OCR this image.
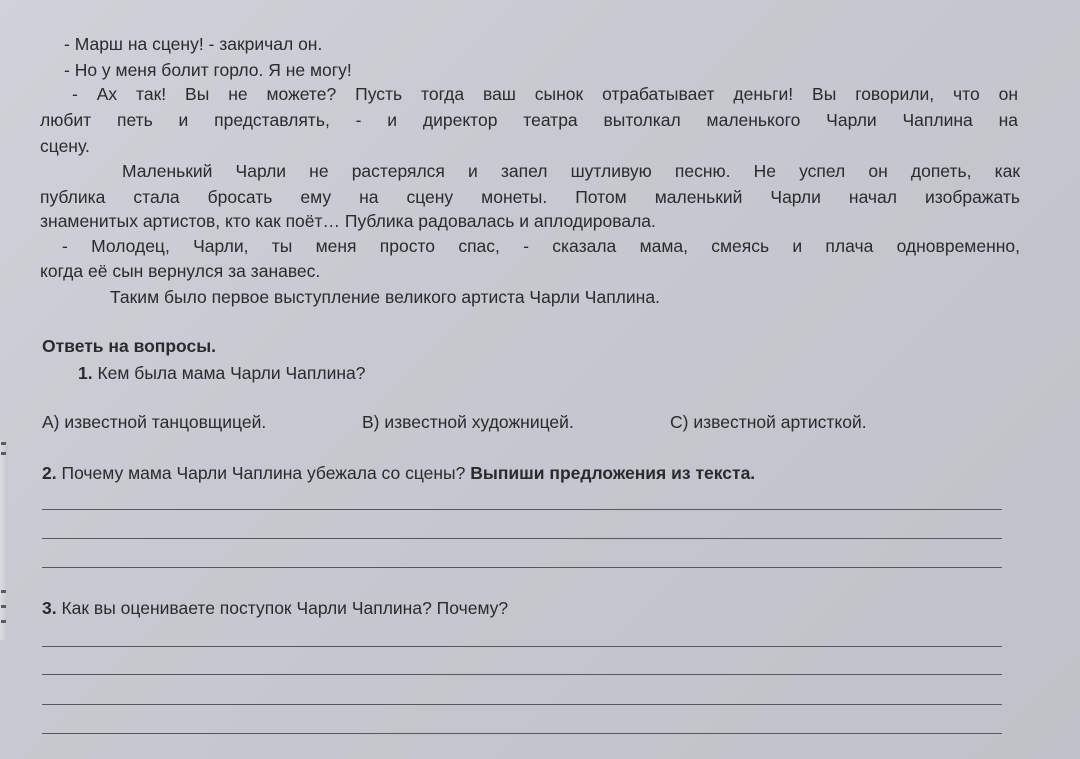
- Марш на сцену! - закричал он.
- Но у меня болит горло. Я не могу!
- Ах так! Вы не можете? Пусть тогда ваш сынок отрабатывает деньги! Вы говорили, что он
любит петь и представлять, - и директор театра вытолкал маленького Чарли Чаплина на
сцену.
Маленький Чарли не растерялся и запел шутливую песню. Не успел он допеть, как
публика стала бросать ему на сцену монеты. Потом маленький Чарли начал изображать
знаменитых артистов, кто как поёт… Публика радовалась и аплодировала.
- Молодец, Чарли, ты меня просто спас, - сказала мама, смеясь и плача одновременно,
когда её сын вернулся за занавес.
Таким было первое выступление великого артиста Чарли Чаплина.
Ответь на вопросы.
1. Кем была мама Чарли Чаплина?
A) известной танцовщицей.	B) известной художницей.	C) известной артисткой.
2. Почему мама Чарли Чаплина убежала со сцены? Выпиши предложения из текста.
3. Как вы оцениваете поступок Чарли Чаплина? Почему?
